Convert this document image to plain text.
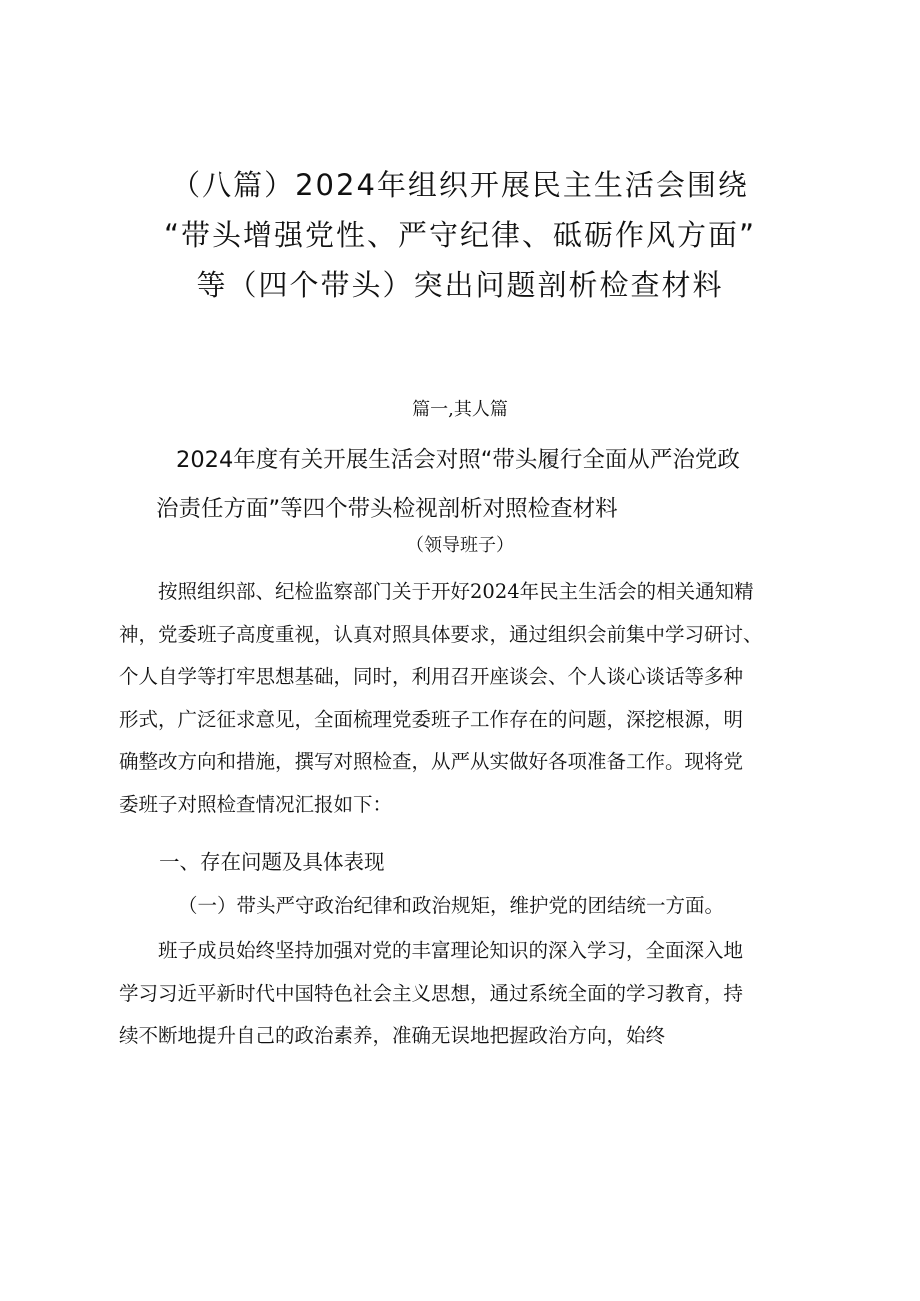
（八篇）2024年组织开展民主生活会围绕
“带头增强党性、严守纪律、砥砺作风方面”
等（四个带头）突出问题剖析检查材料
篇一,其人篇
2024年度有关开展生活会对照“带头履行全面从严治党政
治责任方面”等四个带头检视剖析对照检查材料
（领导班子）
按照组织部、纪检监察部门关于开好2024年民主生活会的相关通知精
神，党委班子高度重视，认真对照具体要求，通过组织会前集中学习研讨、
个人自学等打牢思想基础，同时，利用召开座谈会、个人谈心谈话等多种
形式，广泛征求意见，全面梳理党委班子工作存在的问题，深挖根源，明
确整改方向和措施，撰写对照检查，从严从实做好各项准备工作。现将党
委班子对照检查情况汇报如下：
一、存在问题及具体表现
（一）带头严守政治纪律和政治规矩，维护党的团结统一方面。
班子成员始终坚持加强对党的丰富理论知识的深入学习，全面深入地
学习习近平新时代中国特色社会主义思想，通过系统全面的学习教育，持
续不断地提升自己的政治素养，准确无误地把握政治方向，始终
